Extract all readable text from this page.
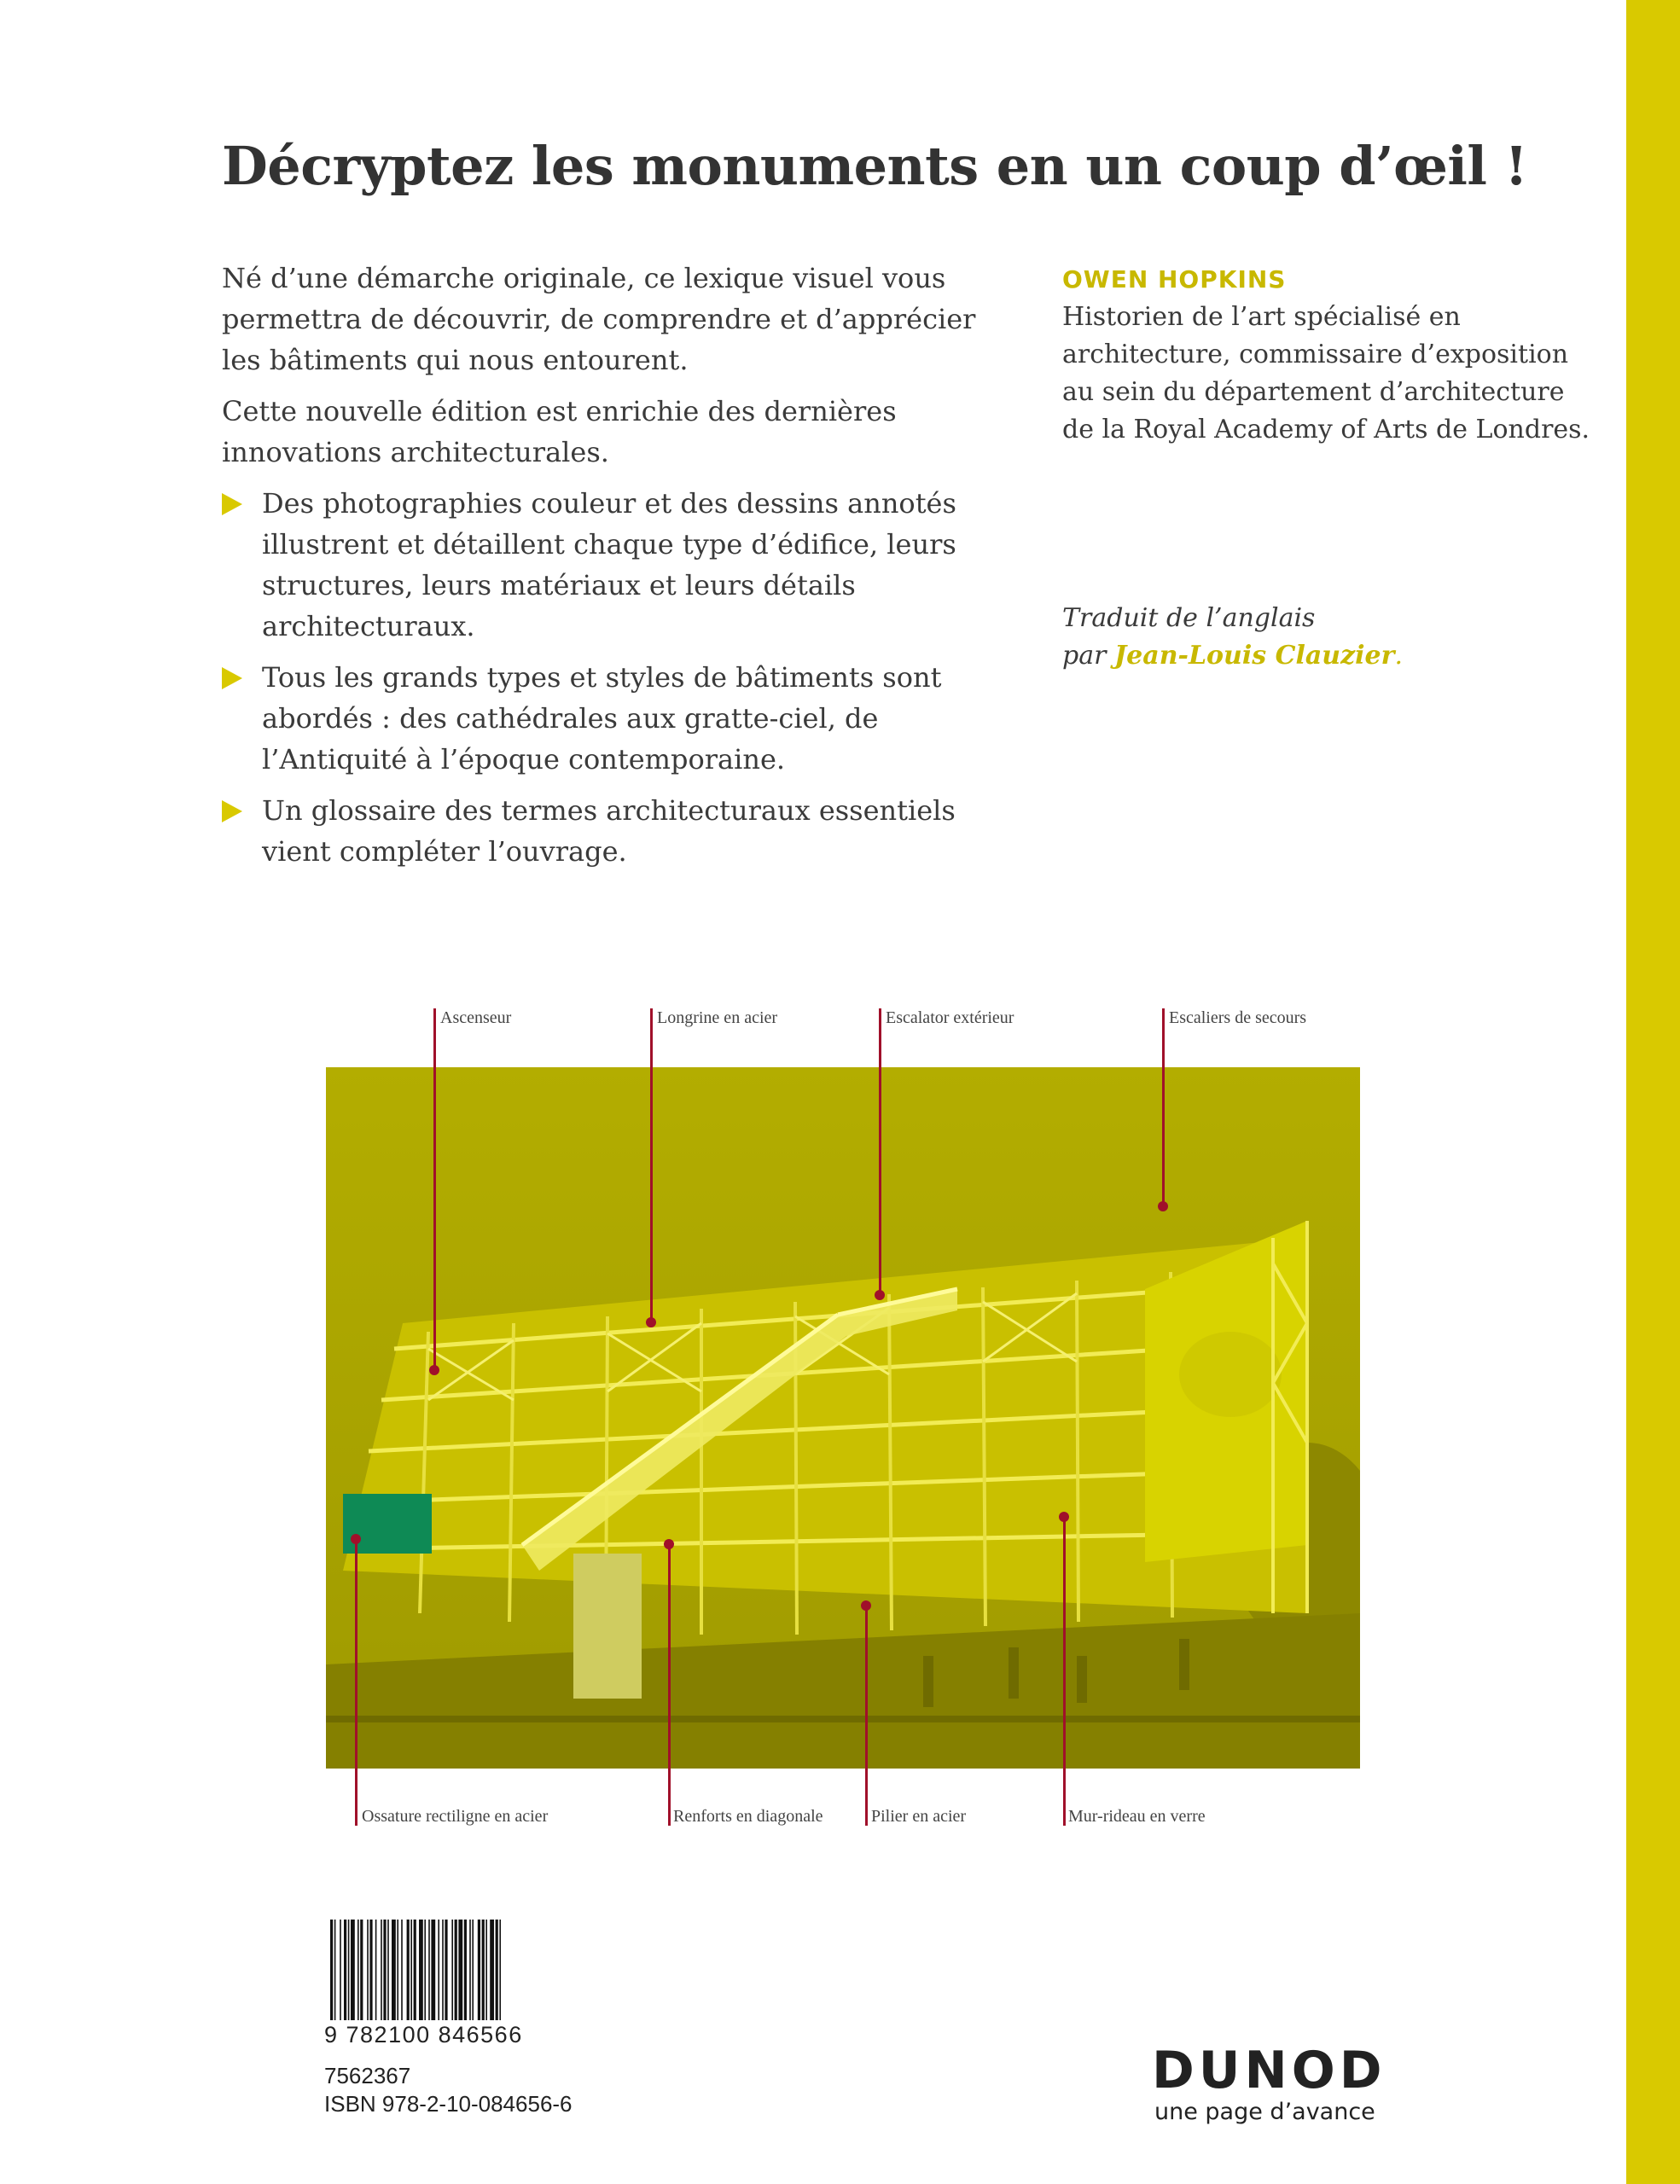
Décryptez les monuments en un coup d’œil !

Né d’une démarche originale, ce lexique visuel vous permettra de découvrir, de comprendre et d’apprécier les bâtiments qui nous entourent.

Cette nouvelle édition est enrichie des dernières innovations architecturales.

Des photographies couleur et des dessins annotés illustrent et détaillent chaque type d’édifice, leurs structures, leurs matériaux et leurs détails architecturaux.
Tous les grands types et styles de bâtiments sont abordés : des cathédrales aux gratte-ciel, de l’Antiquité à l’époque contemporaine.
Un glossaire des termes architecturaux essentiels vient compléter l’ouvrage.
OWEN HOPKINS

Historien de l’art spécialisé en architecture, commissaire d’exposition au sein du département d’architecture de la Royal Academy of Arts de Londres.

Traduit de l’anglais
par Jean-Louis Clauzier.
Ascenseur	Longrine en acier	Escalator extérieur	Escaliers de secours
Ossature rectiligne en acier	Renforts en diagonale	Pilier en acier	Mur-rideau en verre
9 782100 846566
7562367
ISBN 978-2-10-084656-6
DUNOD
une page d’avance
